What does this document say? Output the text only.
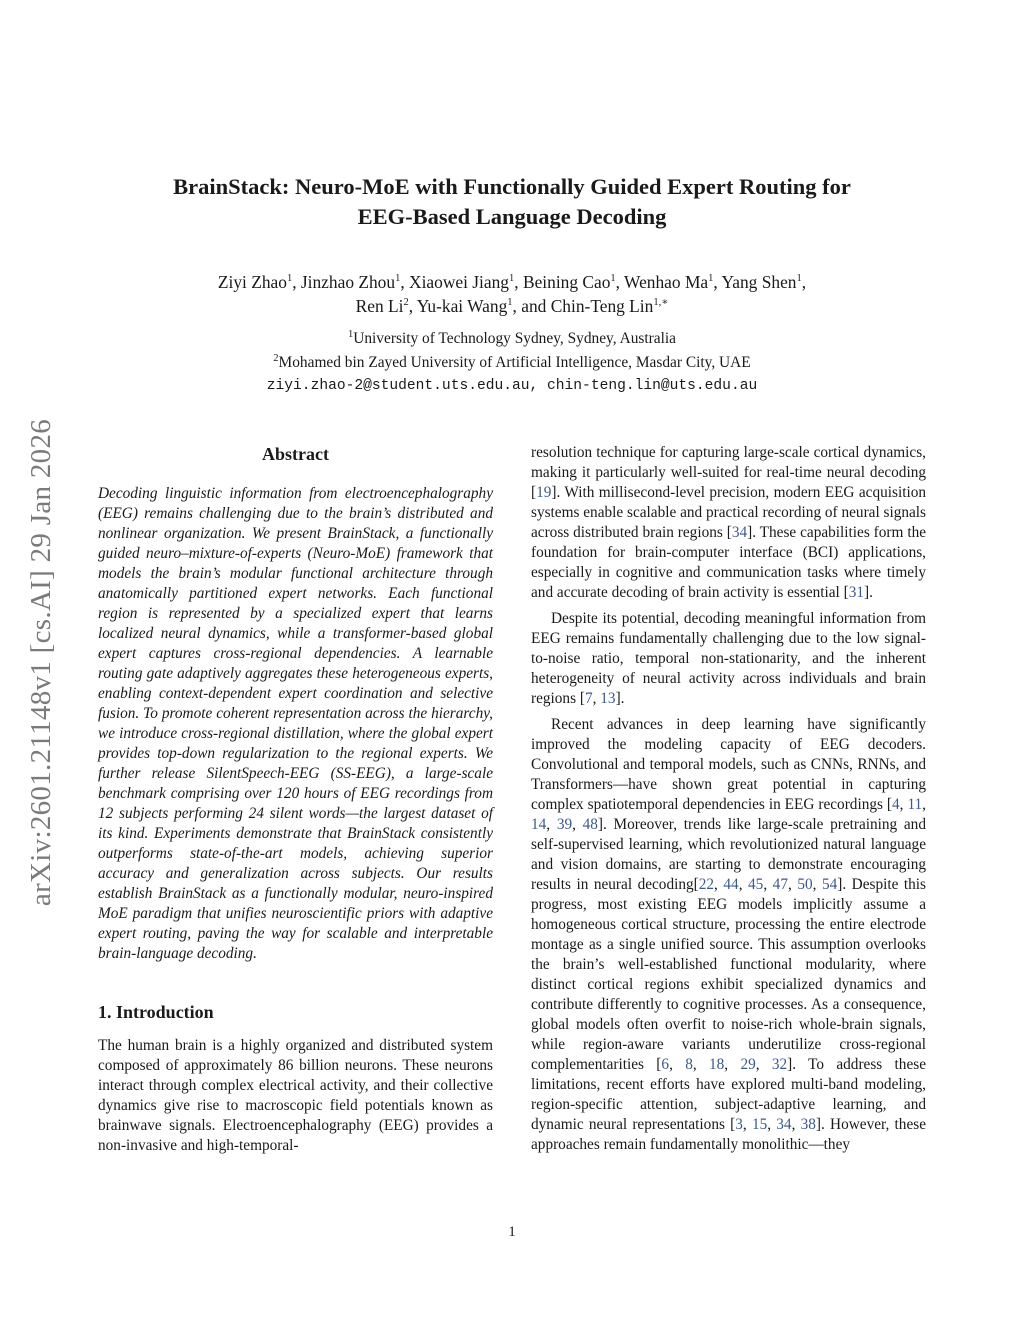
arXiv:2601.21148v1 [cs.AI] 29 Jan 2026
BrainStack: Neuro-MoE with Functionally Guided Expert Routing for
EEG-Based Language Decoding
Ziyi Zhao$^1$, Jinzhao Zhou$^1$, Xiaowei Jiang$^1$, Beining Cao$^1$, Wenhao Ma$^1$, Yang Shen$^1$,
Ren Li$^2$, Yu-kai Wang$^1$, and Chin-Teng Lin$^{1,∗}$
$^1$University of Technology Sydney, Sydney, Australia
$^2$Mohamed bin Zayed University of Artificial Intelligence, Masdar City, UAE
ziyi.zhao-2@student.uts.edu.au, chin-teng.lin@uts.edu.au
Abstract

Decoding linguistic information from electroencephalography (EEG) remains challenging due to the brain’s distributed and nonlinear organization. We present BrainStack, a functionally guided neuro–mixture-of-experts (Neuro-MoE) framework that models the brain’s modular functional architecture through anatomically partitioned expert networks. Each functional region is represented by a specialized expert that learns localized neural dynamics, while a transformer-based global expert captures cross-regional dependencies. A learnable routing gate adaptively aggregates these heterogeneous experts, enabling context-dependent expert coordination and selective fusion. To promote coherent representation across the hierarchy, we introduce cross-regional distillation, where the global expert provides top-down regularization to the regional experts. We further release SilentSpeech-EEG (SS-EEG), a large-scale benchmark comprising over 120 hours of EEG recordings from 12 subjects performing 24 silent words—the largest dataset of its kind. Experiments demonstrate that BrainStack consistently outperforms state-of-the-art models, achieving superior accuracy and generalization across subjects. Our results establish BrainStack as a functionally modular, neuro-inspired MoE paradigm that unifies neuroscientific priors with adaptive expert routing, paving the way for scalable and interpretable brain-language decoding.

1. Introduction

The human brain is a highly organized and distributed system composed of approximately 86 billion neurons. These neurons interact through complex electrical activity, and their collective dynamics give rise to macroscopic field potentials known as brainwave signals. Electroencephalography (EEG) provides a non-invasive and high-temporal-

resolution technique for capturing large-scale cortical dynamics, making it particularly well-suited for real-time neural decoding [19]. With millisecond-level precision, modern EEG acquisition systems enable scalable and practical recording of neural signals across distributed brain regions [34]. These capabilities form the foundation for brain-computer interface (BCI) applications, especially in cognitive and communication tasks where timely and accurate decoding of brain activity is essential [31].

Despite its potential, decoding meaningful information from EEG remains fundamentally challenging due to the low signal-to-noise ratio, temporal non-stationarity, and the inherent heterogeneity of neural activity across individuals and brain regions [7, 13].

Recent advances in deep learning have significantly improved the modeling capacity of EEG decoders. Convolutional and temporal models, such as CNNs, RNNs, and Transformers—have shown great potential in capturing complex spatiotemporal dependencies in EEG recordings [4, 11, 14, 39, 48]. Moreover, trends like large-scale pretraining and self-supervised learning, which revolutionized natural language and vision domains, are starting to demonstrate encouraging results in neural decoding[22, 44, 45, 47, 50, 54]. Despite this progress, most existing EEG models implicitly assume a homogeneous cortical structure, processing the entire electrode montage as a single unified source. This assumption overlooks the brain’s well-established functional modularity, where distinct cortical regions exhibit specialized dynamics and contribute differently to cognitive processes. As a consequence, global models often overfit to noise-rich whole-brain signals, while region-aware variants underutilize cross-regional complementarities [6, 8, 18, 29, 32]. To address these limitations, recent efforts have explored multi-band modeling, region-specific attention, subject-adaptive learning, and dynamic neural representations [3, 15, 34, 38]. However, these approaches remain fundamentally monolithic—they

1
